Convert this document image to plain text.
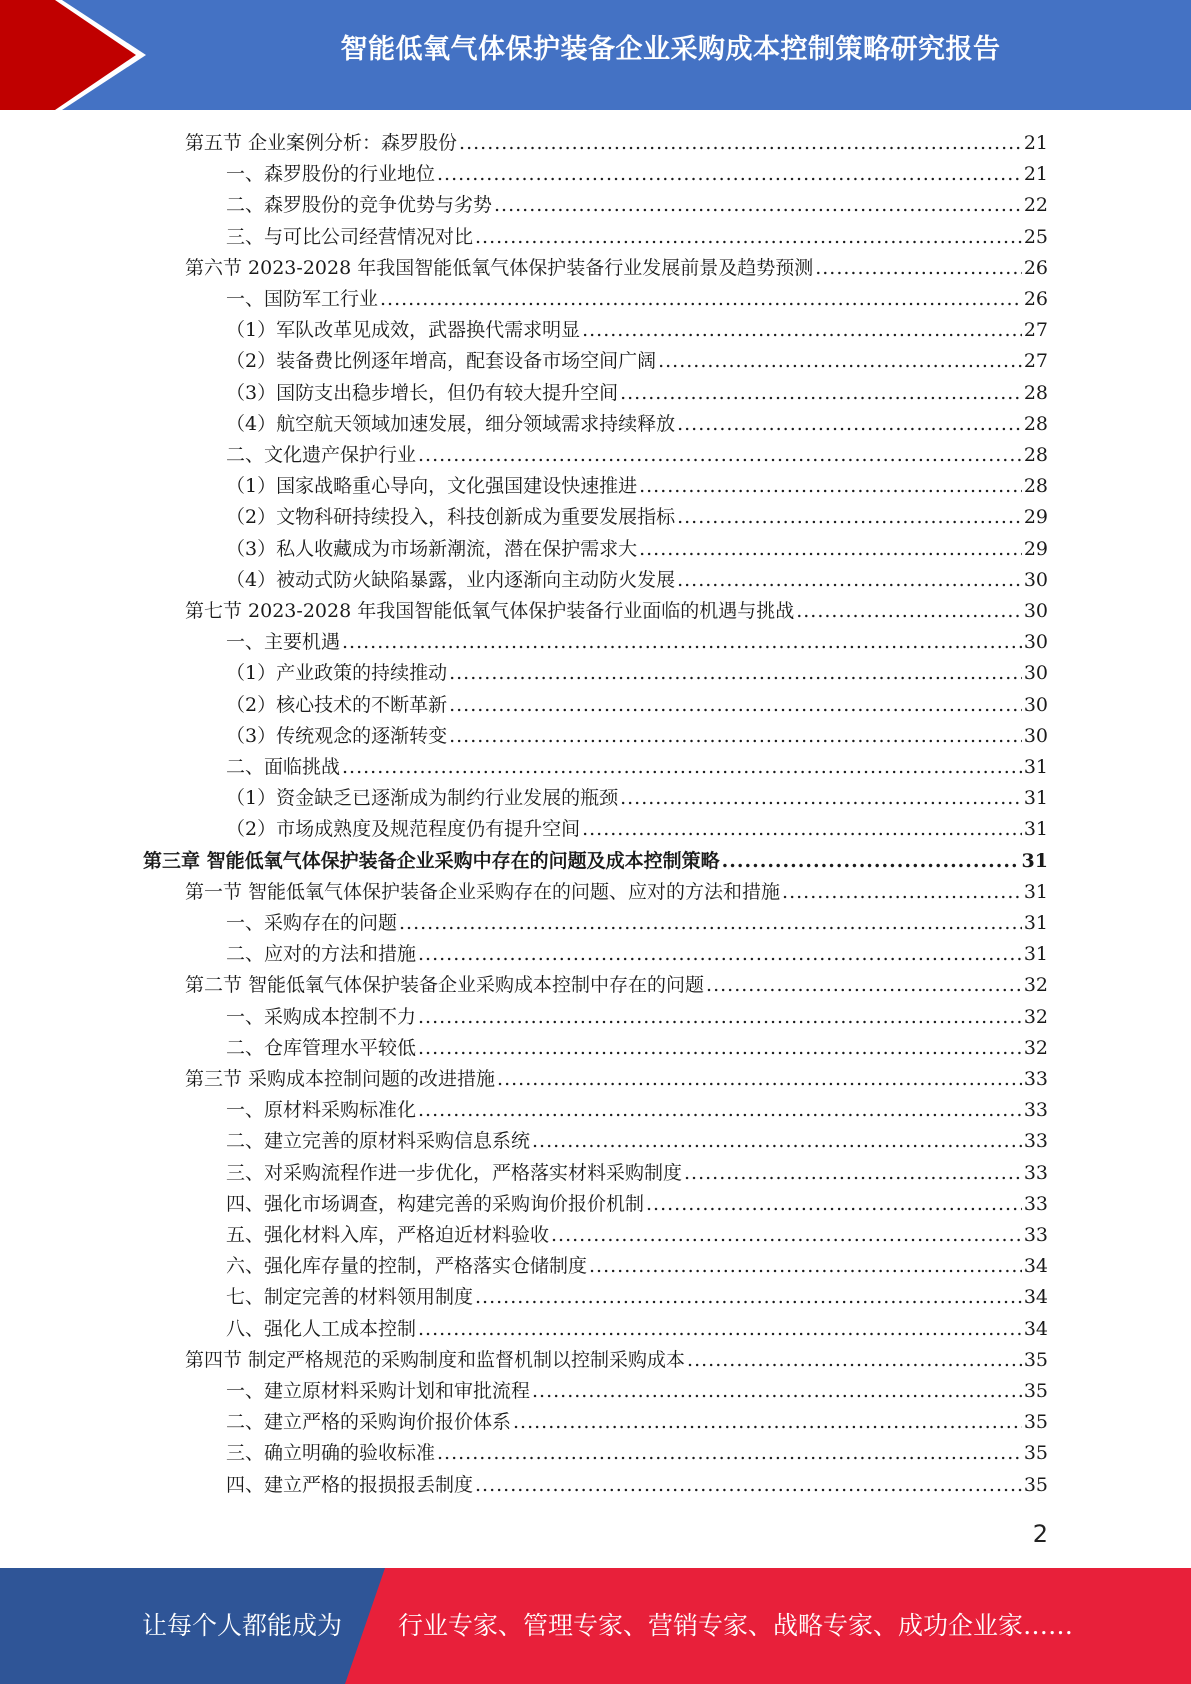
智能低氧气体保护装备企业采购成本控制策略研究报告
第五节 企业案例分析：森罗股份 .....	21
一、森罗股份的行业地位 .....	21
二、森罗股份的竞争优势与劣势 .....	22
三、与可比公司经营情况对比 .....	25
第六节 2023-2028 年我国智能低氧气体保护装备行业发展前景及趋势预测 .....	26
一、国防军工行业 .....	26
（1）军队改革见成效，武器换代需求明显 .....	27
（2）装备费比例逐年增高，配套设备市场空间广阔 .....	27
（3）国防支出稳步增长，但仍有较大提升空间 .....	28
（4）航空航天领域加速发展，细分领域需求持续释放 .....	28
二、文化遗产保护行业 .....	28
（1）国家战略重心导向，文化强国建设快速推进 .....	28
（2）文物科研持续投入，科技创新成为重要发展指标 .....	29
（3）私人收藏成为市场新潮流，潜在保护需求大 .....	29
（4）被动式防火缺陷暴露，业内逐渐向主动防火发展 .....	30
第七节 2023-2028 年我国智能低氧气体保护装备行业面临的机遇与挑战 .....	30
一、主要机遇 .....	30
（1）产业政策的持续推动 .....	30
（2）核心技术的不断革新 .....	30
（3）传统观念的逐渐转变 .....	30
二、面临挑战 .....	31
（1）资金缺乏已逐渐成为制约行业发展的瓶颈 .....	31
（2）市场成熟度及规范程度仍有提升空间 .....	31
第三章 智能低氧气体保护装备企业采购中存在的问题及成本控制策略 .....	31
第一节 智能低氧气体保护装备企业采购存在的问题、应对的方法和措施 .....	31
一、采购存在的问题 .....	31
二、应对的方法和措施 .....	31
第二节 智能低氧气体保护装备企业采购成本控制中存在的问题 .....	32
一、采购成本控制不力 .....	32
二、仓库管理水平较低 .....	32
第三节 采购成本控制问题的改进措施 .....	33
一、原材料采购标准化 .....	33
二、建立完善的原材料采购信息系统 .....	33
三、对采购流程作进一步优化，严格落实材料采购制度 .....	33
四、强化市场调查，构建完善的采购询价报价机制 .....	33
五、强化材料入库，严格迫近材料验收 .....	33
六、强化库存量的控制，严格落实仓储制度 .....	34
七、制定完善的材料领用制度 .....	34
八、强化人工成本控制 .....	34
第四节 制定严格规范的采购制度和监督机制以控制采购成本 .....	35
一、建立原材料采购计划和审批流程 .....	35
二、建立严格的采购询价报价体系 .....	35
三、确立明确的验收标准 .....	35
四、建立严格的报损报丢制度 .....	35
2
让每个人都能成为 行业专家、管理专家、营销专家、战略专家、成功企业家……
